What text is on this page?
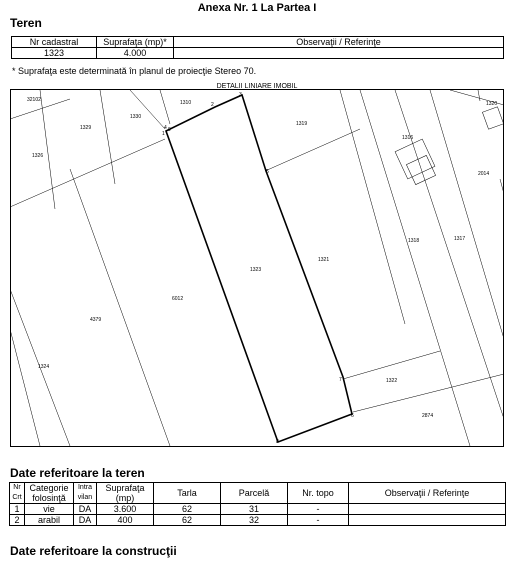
Anexa Nr. 1 La Partea I
Teren
Nr cadastral	Suprafaţa (mp)*	Observaţii / Referinţe
1323	4.000	
* Suprafaţa este determinată în planul de proiecţie Stereo 70.
DETALII LINIARE IMOBIL
32102
1329
1330
1310
1326
1319
1316
1320
2014
1318	1317
1321
1323
6012
4379
1324
1322
2874
1
2
3
4
5
6
7
8
9
Date referitoare la teren
Nr Crt	Categorie folosinţă	Intra vilan	Suprafaţa (mp)	Tarla	Parcelă	Nr. topo	Observaţii / Referinţe
1	vie	DA	3.600	62	31	-	
2	arabil	DA	400	62	32	-	
Date referitoare la construcţii
